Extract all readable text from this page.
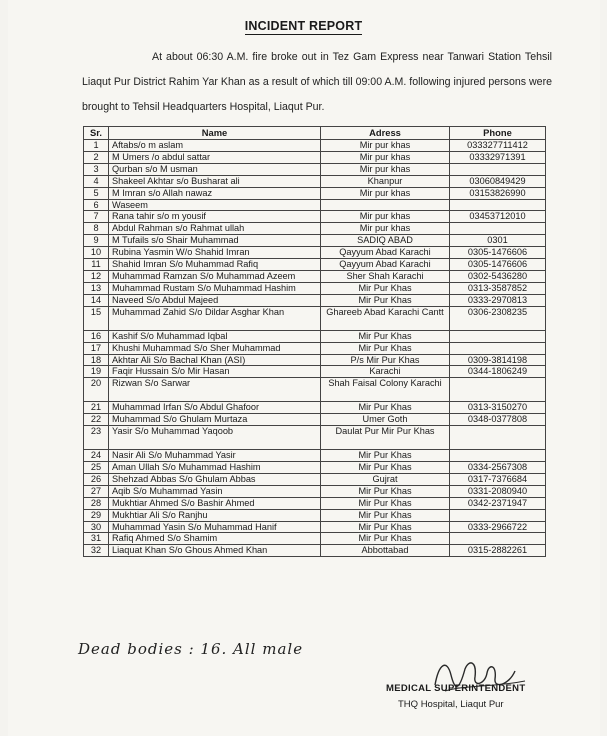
INCIDENT REPORT
At about 06:30 A.M. fire broke out in Tez Gam Express near Tanwari Station Tehsil Liaqut Pur District Rahim Yar Khan as a result of which till 09:00 A.M. following injured persons were brought to Tehsil Headquarters Hospital, Liaqut Pur.
Sr.	Name	Adress	Phone
1	Aftabs/o m aslam	Mir pur khas	033327711412
2	M Umers /o abdul sattar	Mir pur khas	03332971391
3	Qurban s/o M usman	Mir pur khas	
4	Shakeel Akhtar s/o Busharat ali	Khanpur	03060849429
5	M Imran s/o Allah nawaz	Mir pur khas	03153826990
6	Waseem		
7	Rana tahir s/o m yousif	Mir pur khas	03453712010
8	Abdul Rahman s/o Rahmat ullah	Mir pur khas	
9	M Tufails s/o Shair Muhammad	SADIQ ABAD	0301
10	Rubina Yasmin W/o Shahid Imran	Qayyum Abad Karachi	0305-1476606
11	Shahid Imran S/o Muhammad Rafiq	Qayyum Abad Karachi	0305-1476606
12	Muhammad Ramzan S/o Muhammad Azeem	Sher Shah Karachi	0302-5436280
13	Muhammad Rustam S/o Muhammad Hashim	Mir Pur Khas	0313-3587852
14	Naveed S/o Abdul Majeed	Mir Pur Khas	0333-2970813
15	Muhammad Zahid S/o Dildar Asghar Khan	Ghareeb Abad Karachi Cantt	0306-2308235
16	Kashif S/o Muhammad Iqbal	Mir Pur Khas	
17	Khushi Muhammad S/o Sher Muhammad	Mir Pur Khas	
18	Akhtar Ali S/o Bachal Khan (ASI)	P/s Mir Pur Khas	0309-3814198
19	Faqir Hussain S/o Mir Hasan	Karachi	0344-1806249
20	Rizwan S/o Sarwar	Shah Faisal Colony Karachi	
21	Muhammad Irfan S/o Abdul Ghafoor	Mir Pur Khas	0313-3150270
22	Muhammad S/o Ghulam Murtaza	Umer Goth	0348-0377808
23	Yasir S/o Muhammad Yaqoob	Daulat Pur Mir Pur Khas	
24	Nasir Ali S/o Muhammad Yasir	Mir Pur Khas	
25	Aman Ullah S/o Muhammad Hashim	Mir Pur Khas	0334-2567308
26	Shehzad Abbas S/o Ghulam Abbas	Gujrat	0317-7376684
27	Aqib S/o Muhammad Yasin	Mir Pur Khas	0331-2080940
28	Mukhtiar Ahmed S/o Bashir Ahmed	Mir Pur Khas	0342-2371947
29	Mukhtiar Ali S/o Ranjhu	Mir Pur Khas	
30	Muhammad Yasin S/o Muhammad Hanif	Mir Pur Khas	0333-2966722
31	Rafiq Ahmed S/o Shamim	Mir Pur Khas	
32	Liaquat Khan S/o Ghous Ahmed Khan	Abbottabad	0315-2882261
Dead bodies : 16. All male
MEDICAL SUPERINTENDENT
THQ Hospital, Liaqut Pur
